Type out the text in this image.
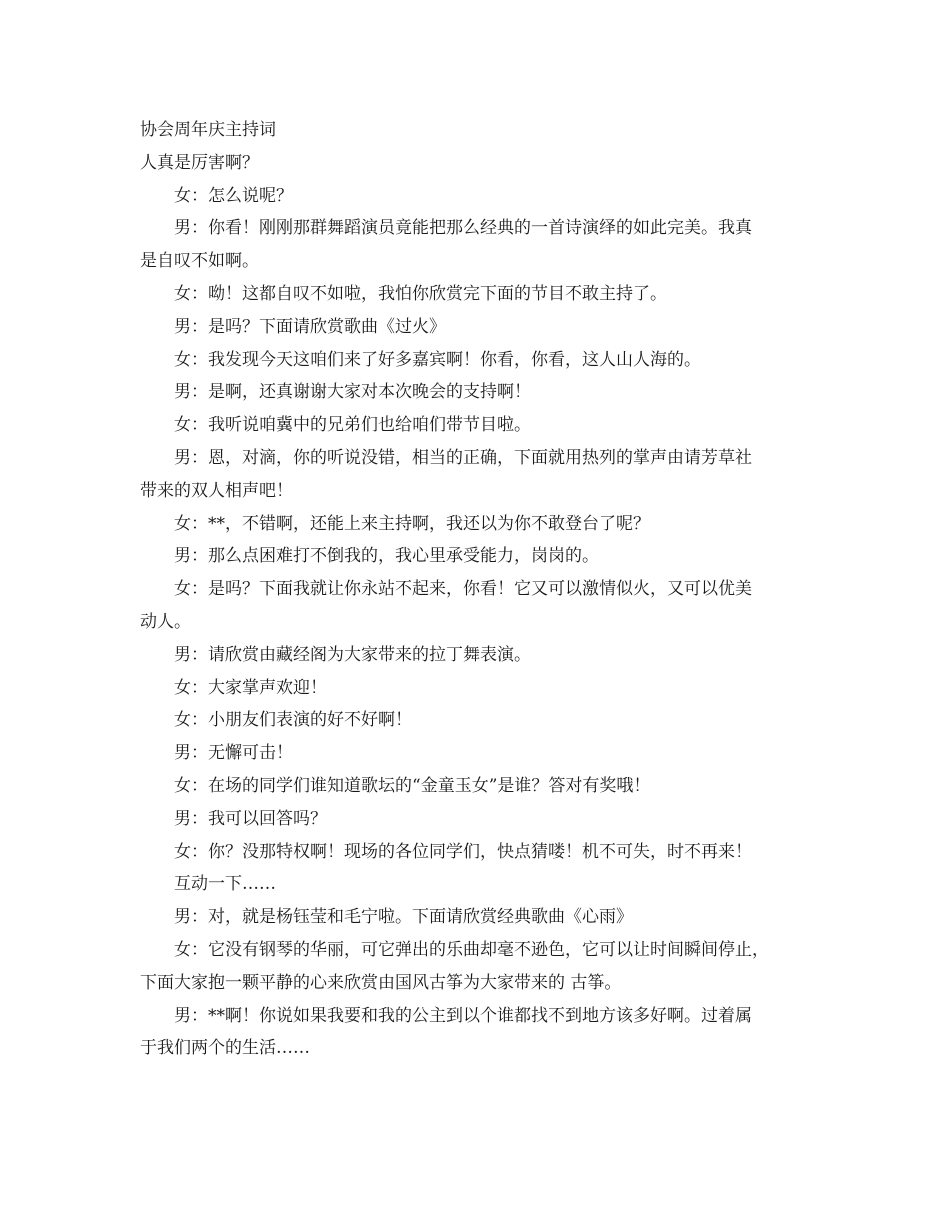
协会周年庆主持词
人真是厉害啊？
女：怎么说呢？
男：你看！刚刚那群舞蹈演员竟能把那么经典的一首诗演绎的如此完美。我真
是自叹不如啊。
女：呦！这都自叹不如啦，我怕你欣赏完下面的节目不敢主持了。
男：是吗？下面请欣赏歌曲《过火》
女：我发现今天这咱们来了好多嘉宾啊！你看，你看，这人山人海的。
男：是啊，还真谢谢大家对本次晚会的支持啊！
女：我听说咱冀中的兄弟们也给咱们带节目啦。
男：恩，对滴，你的听说没错，相当的正确，下面就用热列的掌声由请芳草社
带来的双人相声吧！
女：**，不错啊，还能上来主持啊，我还以为你不敢登台了呢？
男：那么点困难打不倒我的，我心里承受能力，岗岗的。
女：是吗？下面我就让你永站不起来，你看！它又可以激情似火，又可以优美
动人。
男：请欣赏由藏经阁为大家带来的拉丁舞表演。
女：大家掌声欢迎！
女：小朋友们表演的好不好啊！
男：无懈可击！
女：在场的同学们谁知道歌坛的“金童玉女”是谁？答对有奖哦！
男：我可以回答吗？
女：你？没那特权啊！现场的各位同学们，快点猜喽！机不可失，时不再来！
互动一下……
男：对，就是杨钰莹和毛宁啦。下面请欣赏经典歌曲《心雨》
女：它没有钢琴的华丽，可它弹出的乐曲却毫不逊色，它可以让时间瞬间停止，
下面大家抱一颗平静的心来欣赏由国风古筝为大家带来的 古筝。
男：**啊！你说如果我要和我的公主到以个谁都找不到地方该多好啊。过着属
于我们两个的生活……
